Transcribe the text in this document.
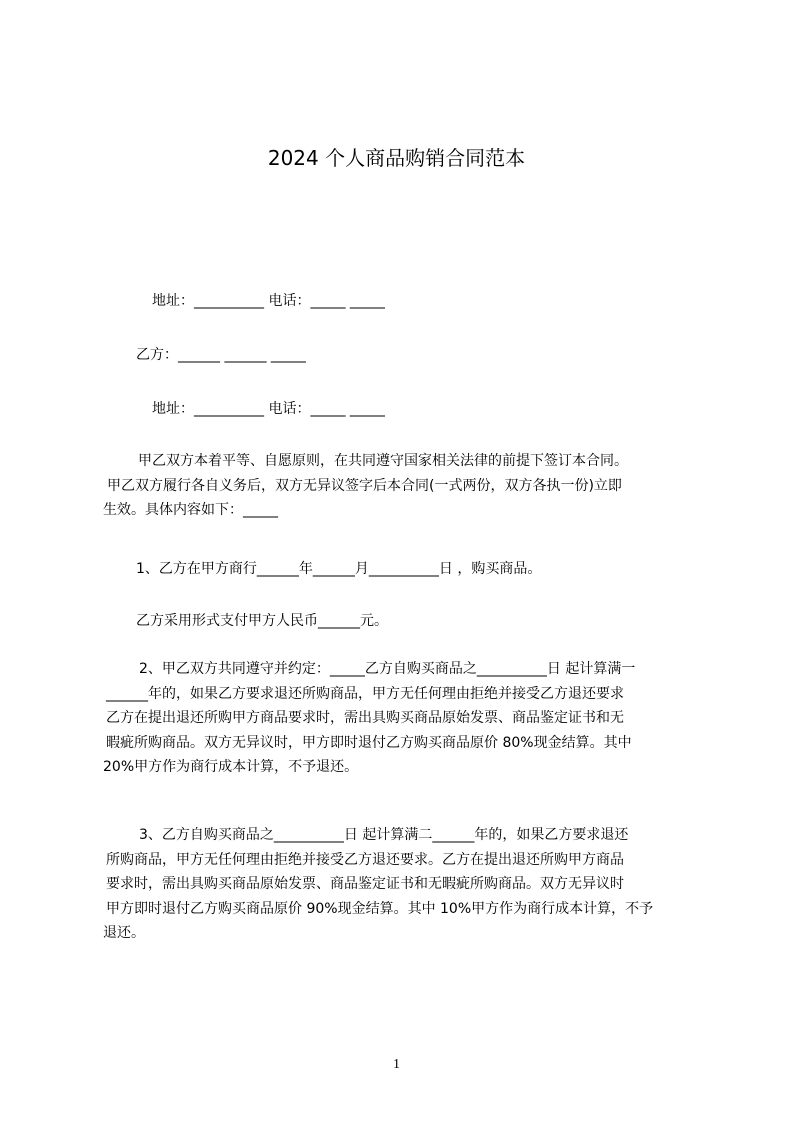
2024 个人商品购销合同范本
地址：__________ 电话：_____ _____
乙方：______ ______ _____
地址：__________ 电话：_____ _____
甲乙双方本着平等、自愿原则，在共同遵守国家相关法律的前提下签订本合同。
甲乙双方履行各自义务后，双方无异议签字后本合同(一式两份，双方各执一份)立即
生效。具体内容如下：_____
1、乙方在甲方商行______年______月__________日 ，购买商品。
乙方采用形式支付甲方人民币______元。
2、甲乙双方共同遵守并约定：_____乙方自购买商品之__________日 起计算满一
______年的，如果乙方要求退还所购商品，甲方无任何理由拒绝并接受乙方退还要求
乙方在提出退还所购甲方商品要求时，需出具购买商品原始发票、商品鉴定证书和无
暇疵所购商品。双方无异议时，甲方即时退付乙方购买商品原价 80%现金结算。其中
20%甲方作为商行成本计算，不予退还。
3、乙方自购买商品之__________日 起计算满二______年的，如果乙方要求退还
所购商品，甲方无任何理由拒绝并接受乙方退还要求。乙方在提出退还所购甲方商品
要求时，需出具购买商品原始发票、商品鉴定证书和无暇疵所购商品。双方无异议时
甲方即时退付乙方购买商品原价 90%现金结算。其中 10%甲方作为商行成本计算，不予
退还。
1
